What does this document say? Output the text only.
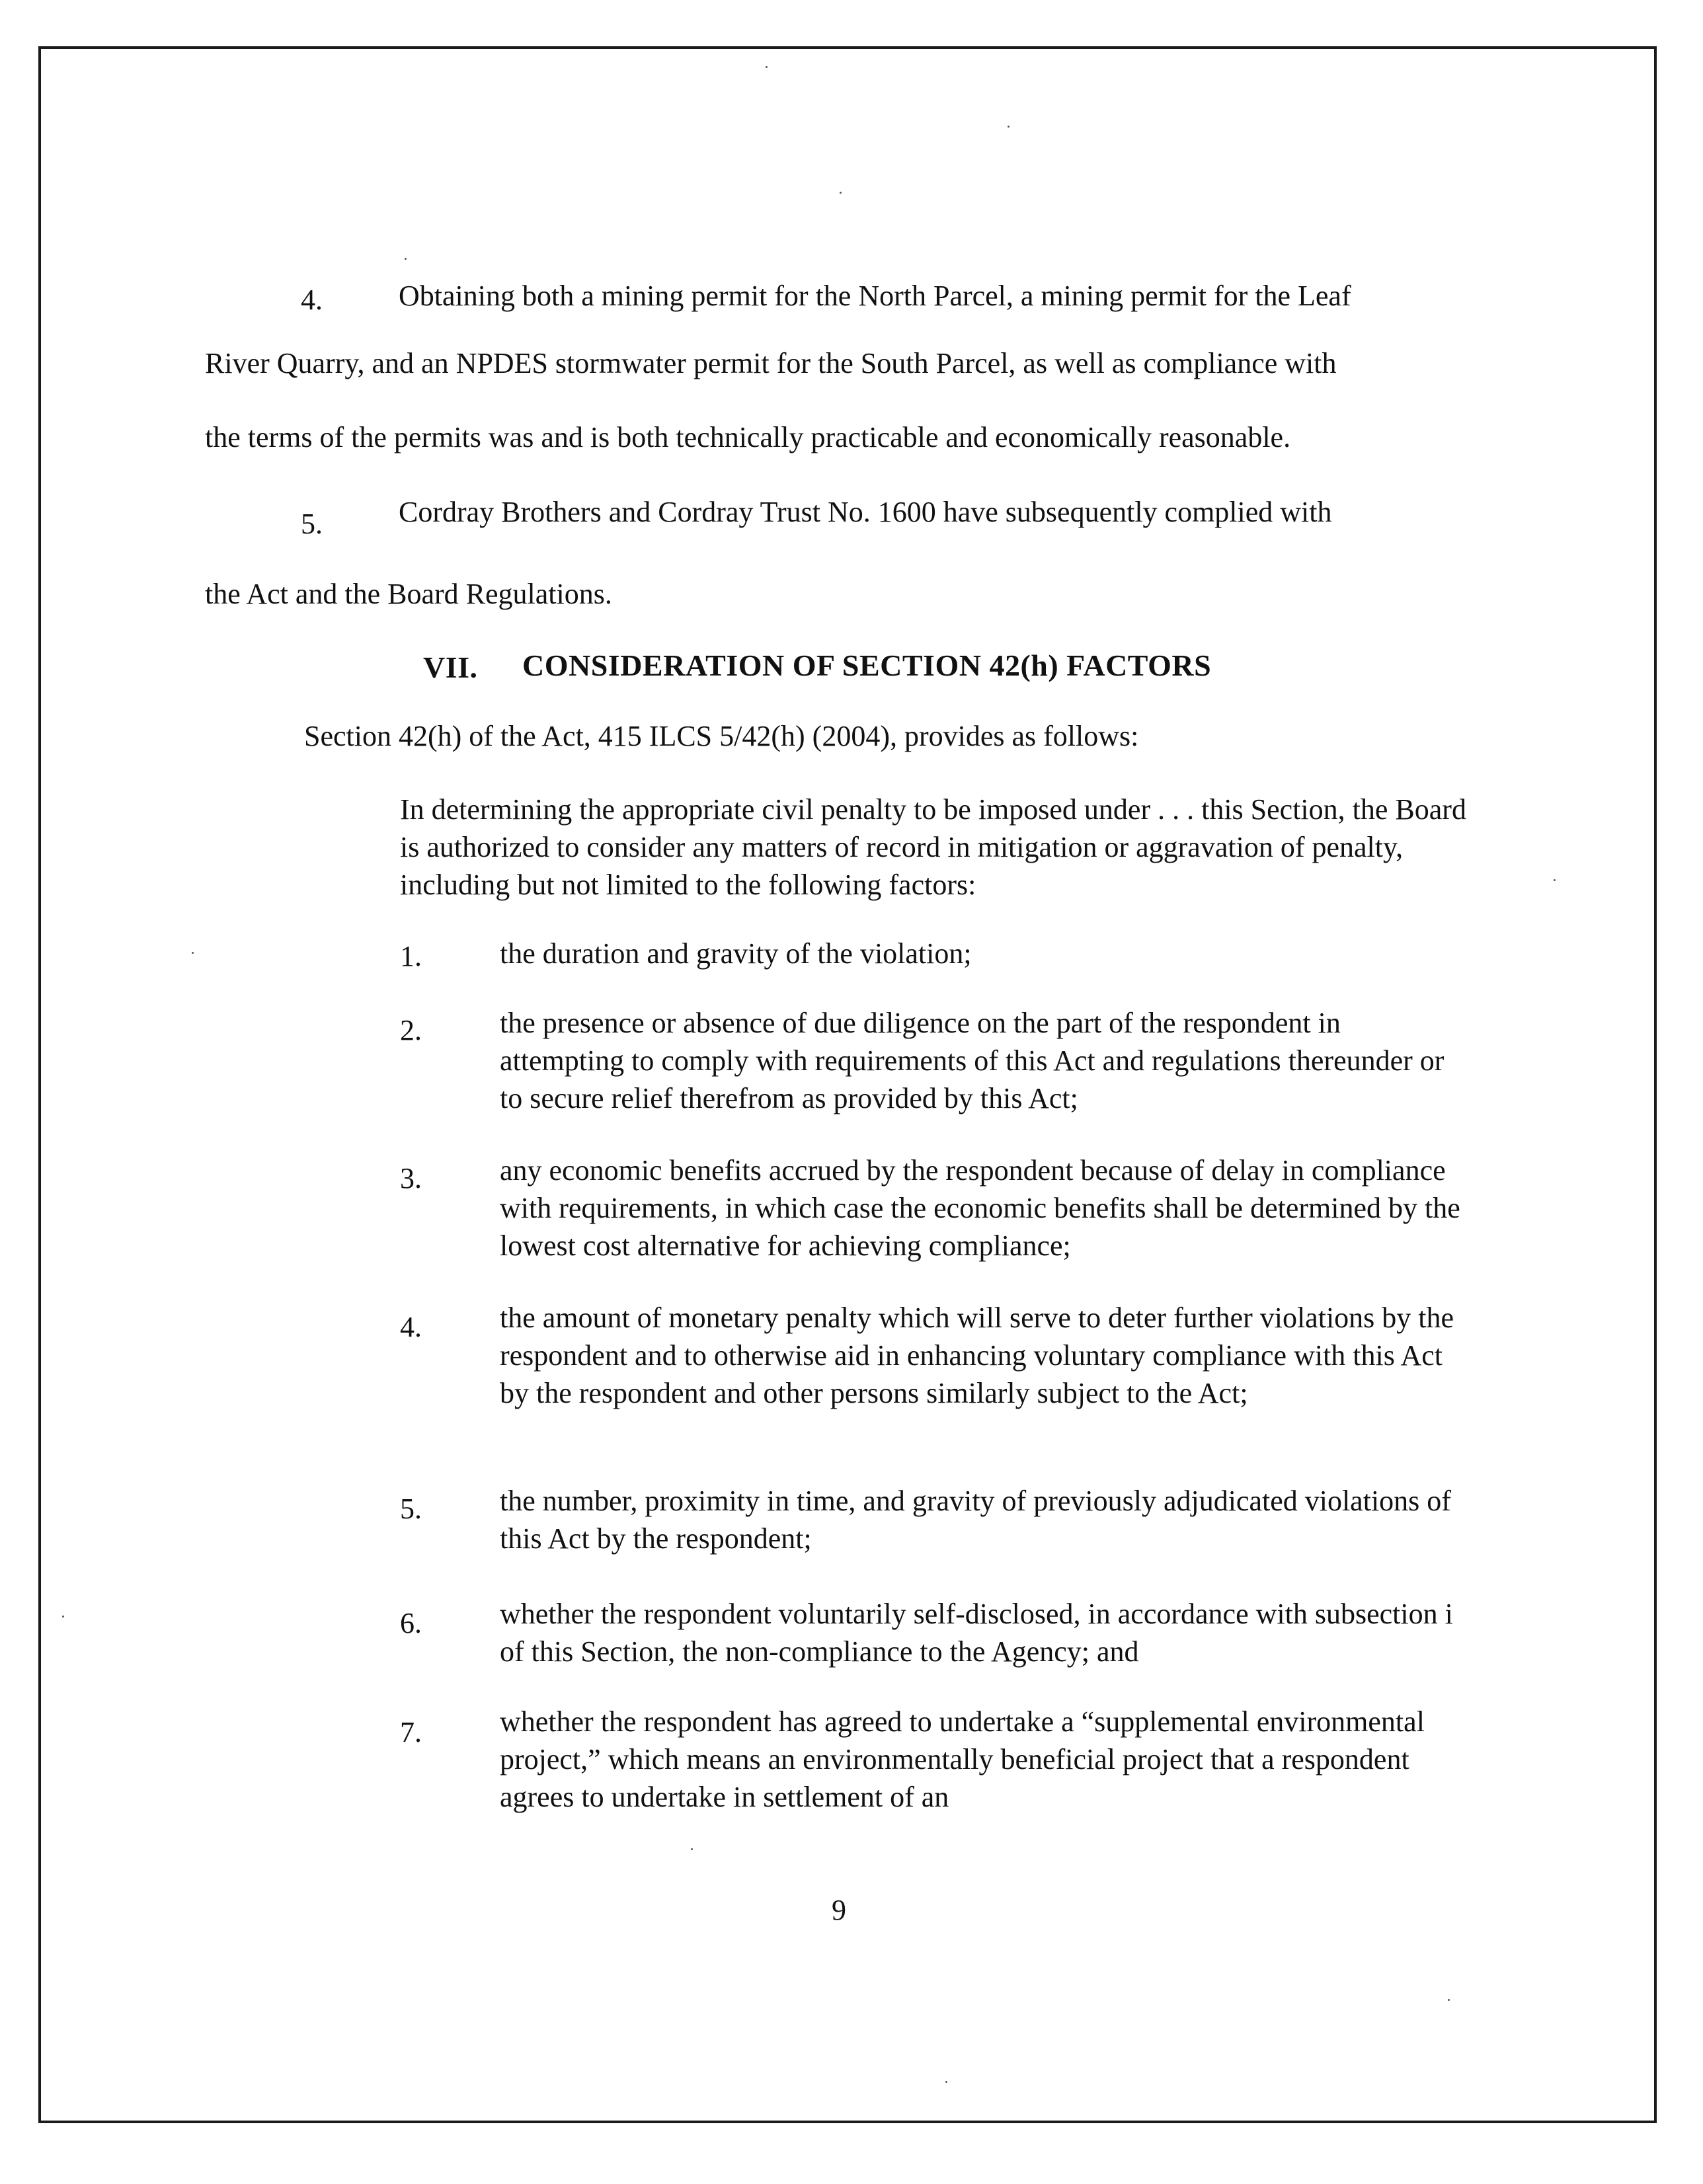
4.	Obtaining both a mining permit for the North Parcel, a mining permit for the Leaf
River Quarry, and an NPDES stormwater permit for the South Parcel, as well as compliance with
the terms of the permits was and is both technically practicable and economically reasonable.
5.	Cordray Brothers and Cordray Trust No. 1600 have subsequently complied with
the Act and the Board Regulations.
VII. CONSIDERATION OF SECTION 42(h) FACTORS
Section 42(h) of the Act, 415 ILCS 5/42(h) (2004), provides as follows:
In determining the appropriate civil penalty to be imposed under . . . this Section, the Board is authorized to consider any matters of record in mitigation or aggravation of penalty, including but not limited to the following factors:
1.	the duration and gravity of the violation;
2.	the presence or absence of due diligence on the part of the respondent in attempting to comply with requirements of this Act and regulations thereunder or to secure relief therefrom as provided by this Act;
3.	any economic benefits accrued by the respondent because of delay in compliance with requirements, in which case the economic benefits shall be determined by the lowest cost alternative for achieving compliance;
4.	the amount of monetary penalty which will serve to deter further violations by the respondent and to otherwise aid in enhancing voluntary compliance with this Act by the respondent and other persons similarly subject to the Act;
5.	the number, proximity in time, and gravity of previously adjudicated violations of this Act by the respondent;
6.	whether the respondent voluntarily self-disclosed, in accordance with subsection i of this Section, the non-compliance to the Agency; and
7.	whether the respondent has agreed to undertake a “supplemental environmental project,” which means an environmentally beneficial project that a respondent agrees to undertake in settlement of an
9
